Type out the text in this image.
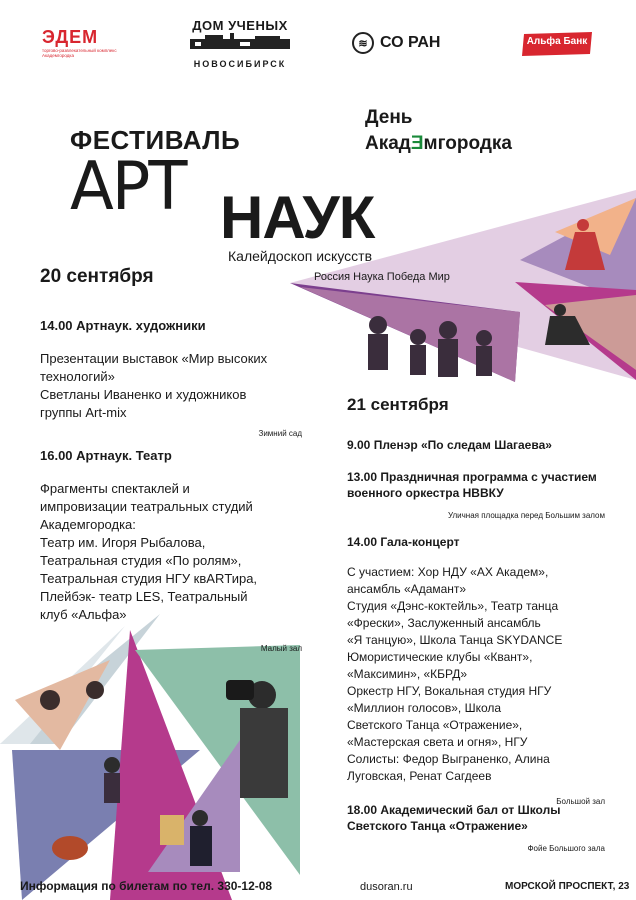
ЭДЕМ
торгово-развлекательный комплекс Академгородка
ДОМ УЧЕНЫХ
НОВОСИБИРСК
≋ СО РАН	Альфа Банк
День
АкадƎмгородка
ФЕСТИВАЛЬ
АРТ НАУК
Калейдоскоп искусств
Россия Наука Победа Мир
20 сентября
14.00 Артнаук. художники
Презентации выставок «Мир высоких
технологий»
Светланы Иваненко и художников
группы Art-mix
Зимний сад
16.00 Артнаук. Театр
Фрагменты спектаклей и
импровизации театральных студий
Академгородка:
Театр им. Игоря Рыбалова,
Театральная студия «По ролям»,
Театральная студия НГУ квАRТира,
Плейбэк- театр LES, Театральный
клуб «Альфа»
Малый зал
21 сентября
9.00 Пленэр «По следам Шагаева»
13.00 Праздничная программа с участием военного оркестра НВВКУ
Уличная площадка перед Большим залом
14.00 Гала-концерт
С участием: Хор НДУ «АХ Академ»,
ансамбль «Адамант»
Студия «Дэнс-коктейль», Театр танца
«Фрески», Заслуженный ансамбль
«Я танцую», Школа Танца SKYDANCE
Юмористические клубы «Квант»,
«Максимин», «КБРД»
Оркестр НГУ, Вокальная студия НГУ
«Миллион голосов», Школа
Светского Танца «Отражение»,
«Мастерская света и огня», НГУ
Солисты: Федор Выграненко, Алина
Луговская, Ренат Сагдеев
Большой зал
18.00 Академический бал от Школы Светского Танца «Отражение»
Фойе Большого зала
Информация по билетам по тел. 330-12-08	dusoran.ru	МОРСКОЙ ПРОСПЕКТ, 23
